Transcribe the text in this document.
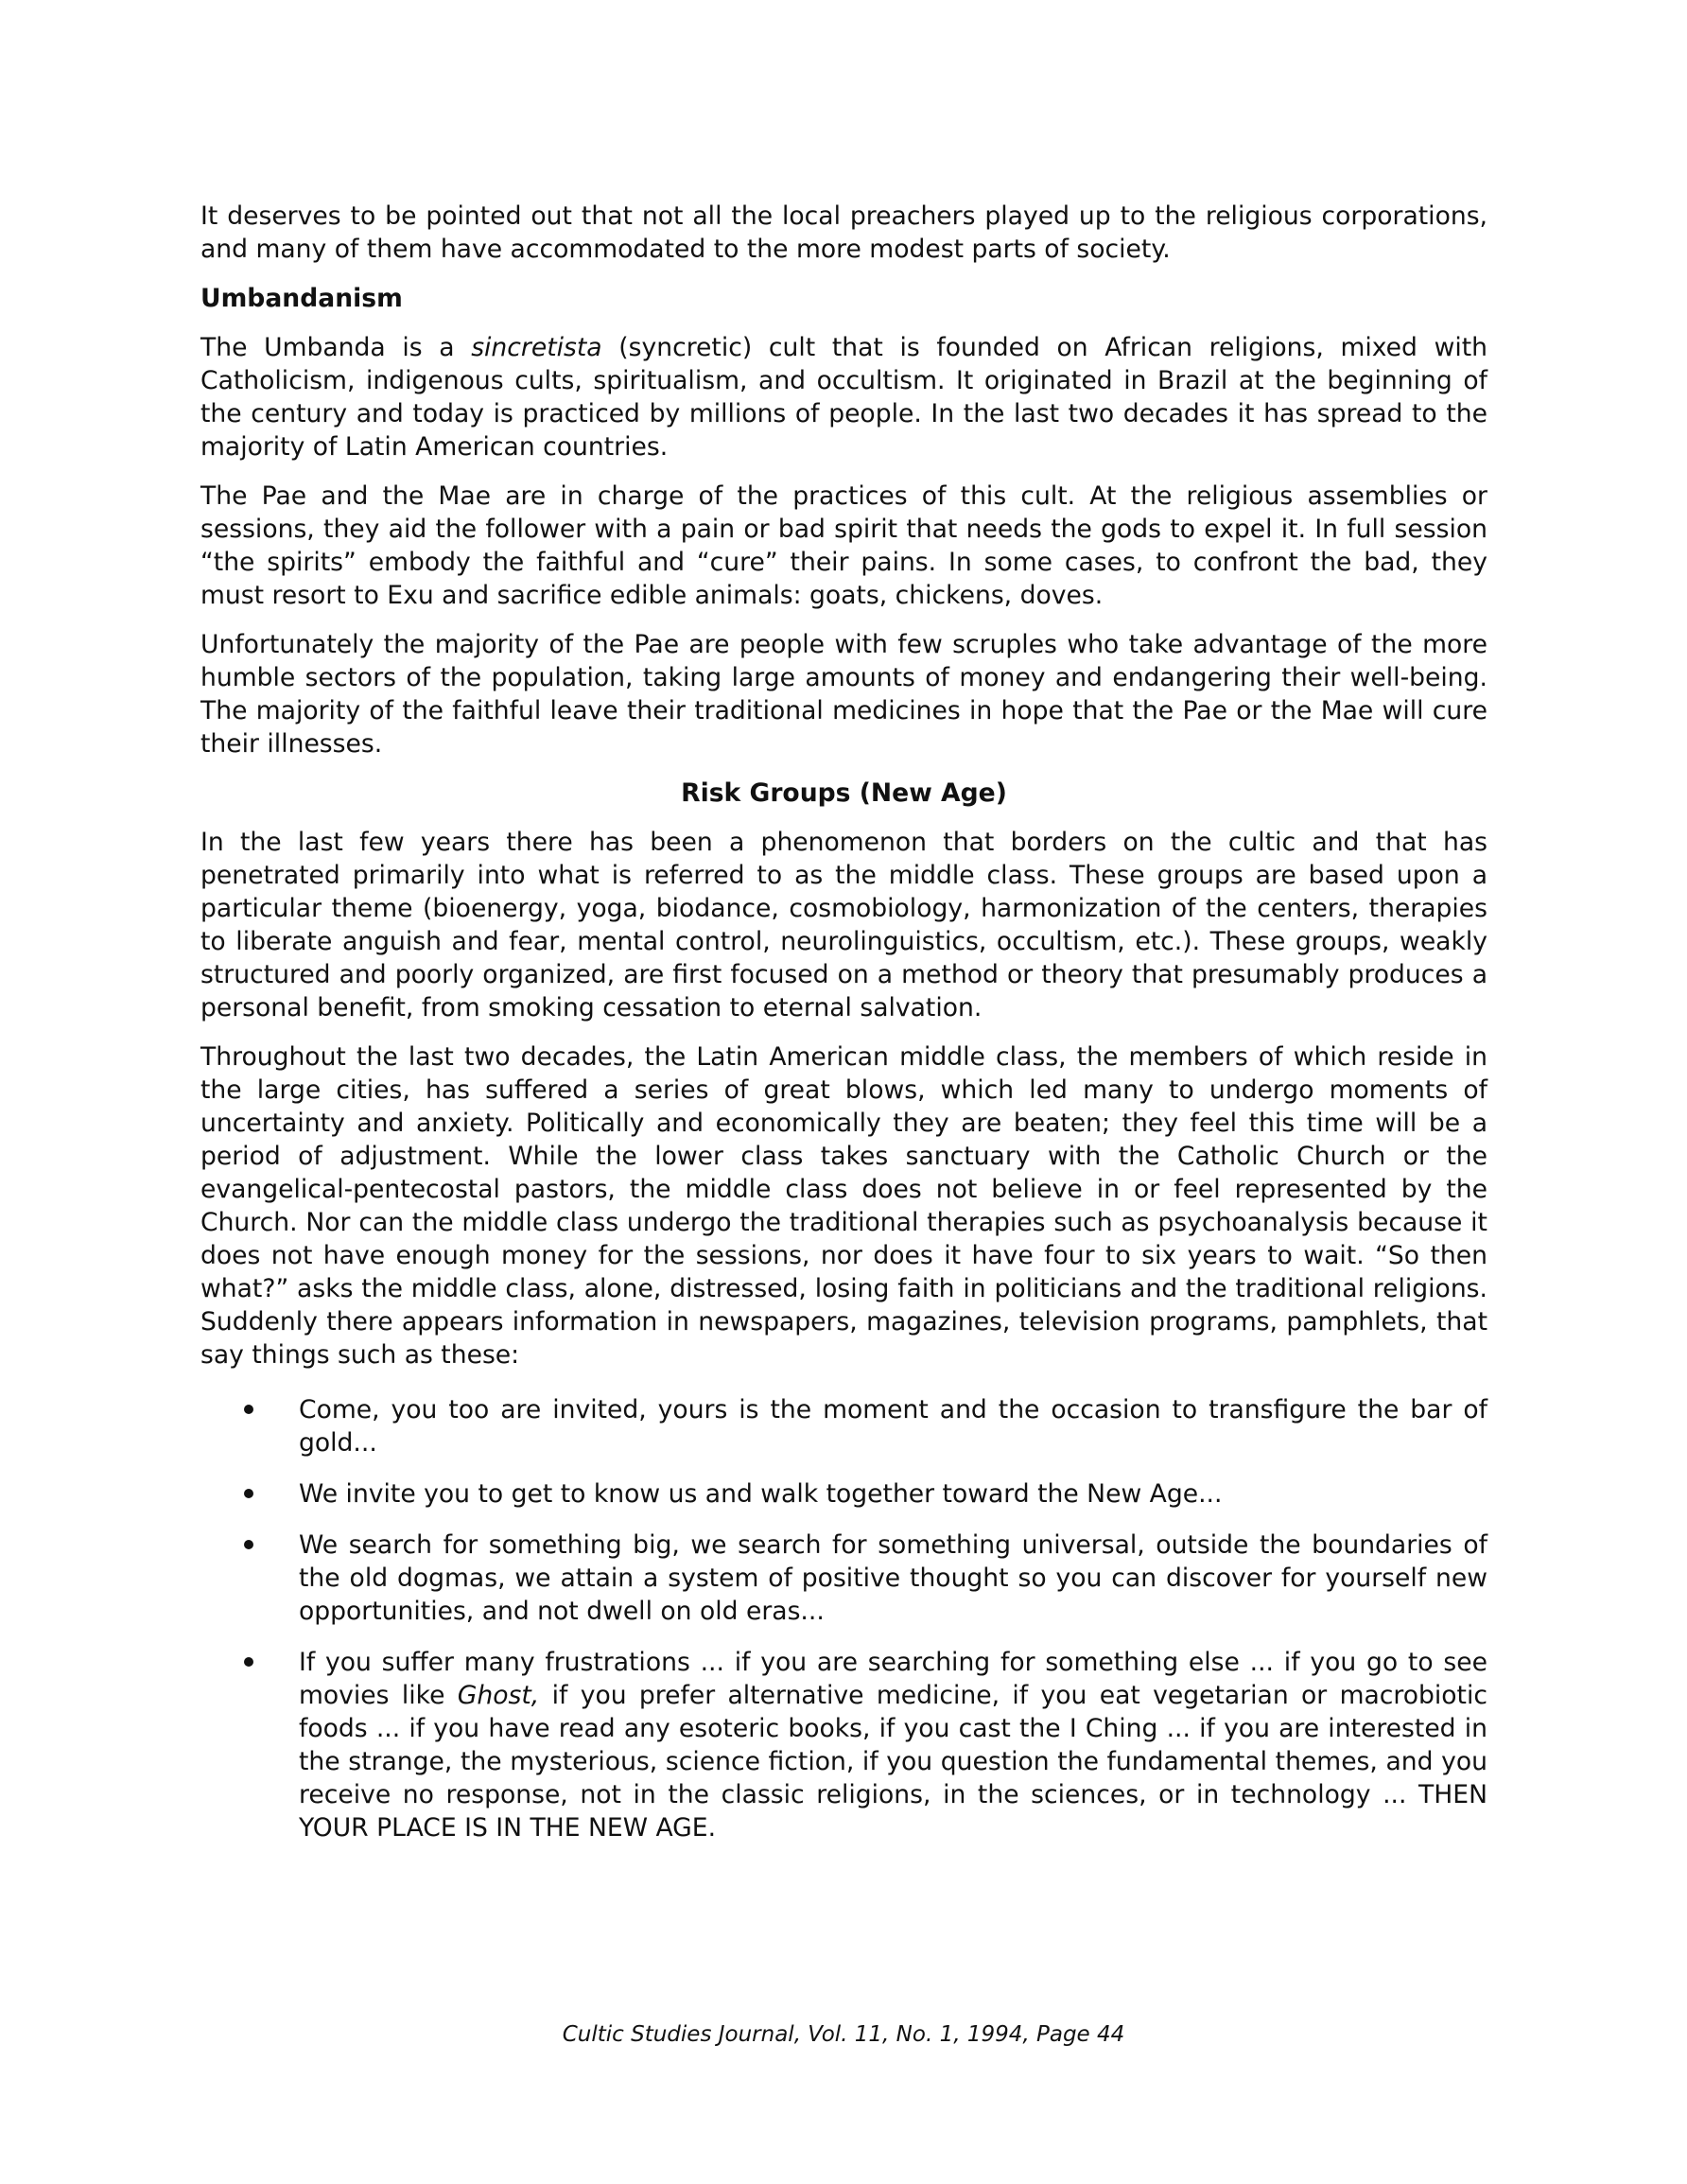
It deserves to be pointed out that not all the local preachers played up to the religious corporations, and many of them have accommodated to the more modest parts of society.

Umbandanism

The Umbanda is a sincretista (syncretic) cult that is founded on African religions, mixed with Catholicism, indigenous cults, spiritualism, and occultism. It originated in Brazil at the beginning of the century and today is practiced by millions of people. In the last two decades it has spread to the majority of Latin American countries.

The Pae and the Mae are in charge of the practices of this cult. At the religious assemblies or sessions, they aid the follower with a pain or bad spirit that needs the gods to expel it. In full session “the spirits” embody the faithful and “cure” their pains. In some cases, to confront the bad, they must resort to Exu and sacrifice edible animals: goats, chickens, doves.

Unfortunately the majority of the Pae are people with few scruples who take advantage of the more humble sectors of the population, taking large amounts of money and endangering their well-being. The majority of the faithful leave their traditional medicines in hope that the Pae or the Mae will cure their illnesses.

Risk Groups (New Age)

In the last few years there has been a phenomenon that borders on the cultic and that has penetrated primarily into what is referred to as the middle class. These groups are based upon a particular theme (bioenergy, yoga, biodance, cosmobiology, harmonization of the centers, therapies to liberate anguish and fear, mental control, neurolinguistics, occultism, etc.). These groups, weakly structured and poorly organized, are first focused on a method or theory that presumably produces a personal benefit, from smoking cessation to eternal salvation.

Throughout the last two decades, the Latin American middle class, the members of which reside in the large cities, has suffered a series of great blows, which led many to undergo moments of uncertainty and anxiety. Politically and economically they are beaten; they feel this time will be a period of adjustment. While the lower class takes sanctuary with the Catholic Church or the evangelical-pentecostal pastors, the middle class does not believe in or feel represented by the Church. Nor can the middle class undergo the traditional therapies such as psychoanalysis because it does not have enough money for the sessions, nor does it have four to six years to wait. “So then what?” asks the middle class, alone, distressed, losing faith in politicians and the traditional religions. Suddenly there appears information in newspapers, magazines, television programs, pamphlets, that say things such as these:

Come, you too are invited, yours is the moment and the occasion to transfigure the bar of gold...
We invite you to get to know us and walk together toward the New Age...
We search for something big, we search for something universal, outside the boundaries of the old dogmas, we attain a system of positive thought so you can discover for yourself new opportunities, and not dwell on old eras...
If you suffer many frustrations ... if you are searching for something else ... if you go to see movies like Ghost, if you prefer alternative medicine, if you eat vegetarian or macrobiotic foods ... if you have read any esoteric books, if you cast the I Ching ... if you are interested in the strange, the mysterious, science fiction, if you question the fundamental themes, and you receive no response, not in the classic religions, in the sciences, or in technology ... THEN YOUR PLACE IS IN THE NEW AGE.
Cultic Studies Journal, Vol. 11, No. 1, 1994, Page 44
